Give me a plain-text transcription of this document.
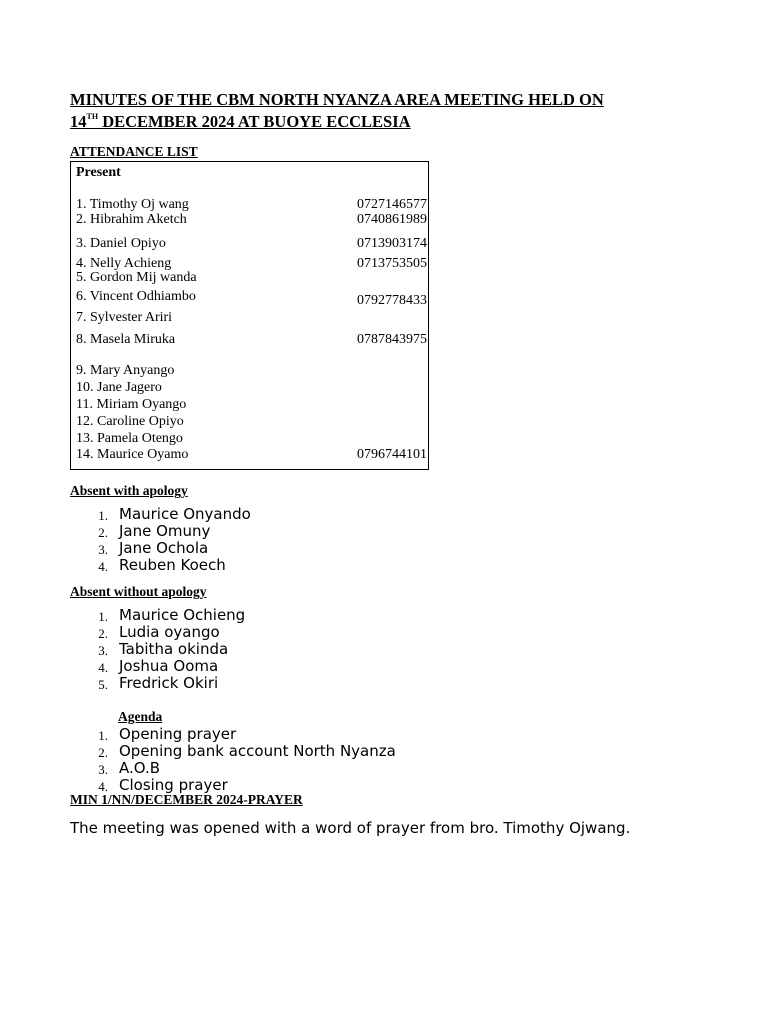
MINUTES OF THE CBM NORTH NYANZA AREA MEETING HELD ON
14TH DECEMBER 2024 AT BUOYE ECCLESIA
ATTENDANCE LIST
Present
1. Timothy Oj wang	0727146577
2. Hibrahim Aketch	0740861989
3. Daniel Opiyo	0713903174
4. Nelly Achieng	0713753505
5. Gordon Mij wanda
6. Vincent Odhiambo	0792778433
7. Sylvester Ariri
8. Masela Miruka	0787843975
9. Mary Anyango
10. Jane Jagero
11. Miriam Oyango
12. Caroline Opiyo
13. Pamela Otengo
14. Maurice Oyamo	0796744101
Absent with apology
1. Maurice Onyando
2. Jane Omuny
3. Jane Ochola
4. Reuben Koech
Absent without apology
1. Maurice Ochieng
2. Ludia oyango
3. Tabitha okinda
4. Joshua Ooma
5. Fredrick Okiri
Agenda
1. Opening prayer
2. Opening bank account North Nyanza
3. A.O.B
4. Closing prayer
MIN 1/NN/DECEMBER 2024-PRAYER
The meeting was opened with a word of prayer from bro. Timothy Ojwang.
